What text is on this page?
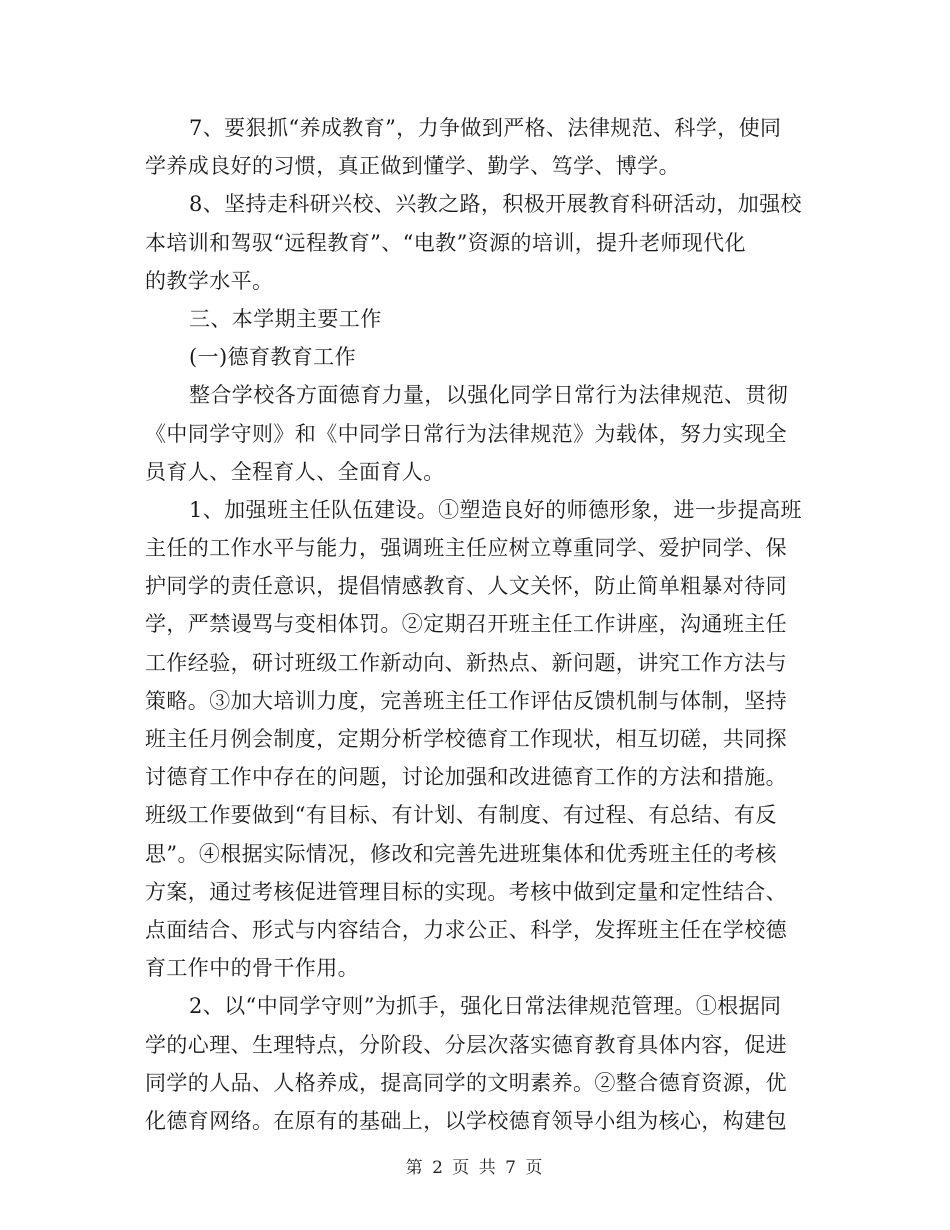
7、要狠抓“养成教育”，力争做到严格、法律规范、科学，使同
学养成良好的习惯，真正做到懂学、勤学、笃学、博学。
8、坚持走科研兴校、兴教之路，积极开展教育科研活动，加强校
本培训和驾驭“远程教育”、“电教”资源的培训，提升老师现代化
的教学水平。
三、本学期主要工作
(一)德育教育工作
整合学校各方面德育力量，以强化同学日常行为法律规范、贯彻
《中同学守则》和《中同学日常行为法律规范》为载体，努力实现全
员育人、全程育人、全面育人。
1、加强班主任队伍建设。①塑造良好的师德形象，进一步提高班
主任的工作水平与能力，强调班主任应树立尊重同学、爱护同学、保
护同学的责任意识，提倡情感教育、人文关怀，防止简单粗暴对待同
学，严禁谩骂与变相体罚。②定期召开班主任工作讲座，沟通班主任
工作经验，研讨班级工作新动向、新热点、新问题，讲究工作方法与
策略。③加大培训力度，完善班主任工作评估反馈机制与体制，坚持
班主任月例会制度，定期分析学校德育工作现状，相互切磋，共同探
讨德育工作中存在的问题，讨论加强和改进德育工作的方法和措施。
班级工作要做到“有目标、有计划、有制度、有过程、有总结、有反
思”。④根据实际情况，修改和完善先进班集体和优秀班主任的考核
方案，通过考核促进管理目标的实现。考核中做到定量和定性结合、
点面结合、形式与内容结合，力求公正、科学，发挥班主任在学校德
育工作中的骨干作用。
2、以“中同学守则”为抓手，强化日常法律规范管理。①根据同
学的心理、生理特点，分阶段、分层次落实德育教育具体内容，促进
同学的人品、人格养成，提高同学的文明素养。②整合德育资源，优
化德育网络。在原有的基础上，以学校德育领导小组为核心，构建包
第 2 页 共 7 页
